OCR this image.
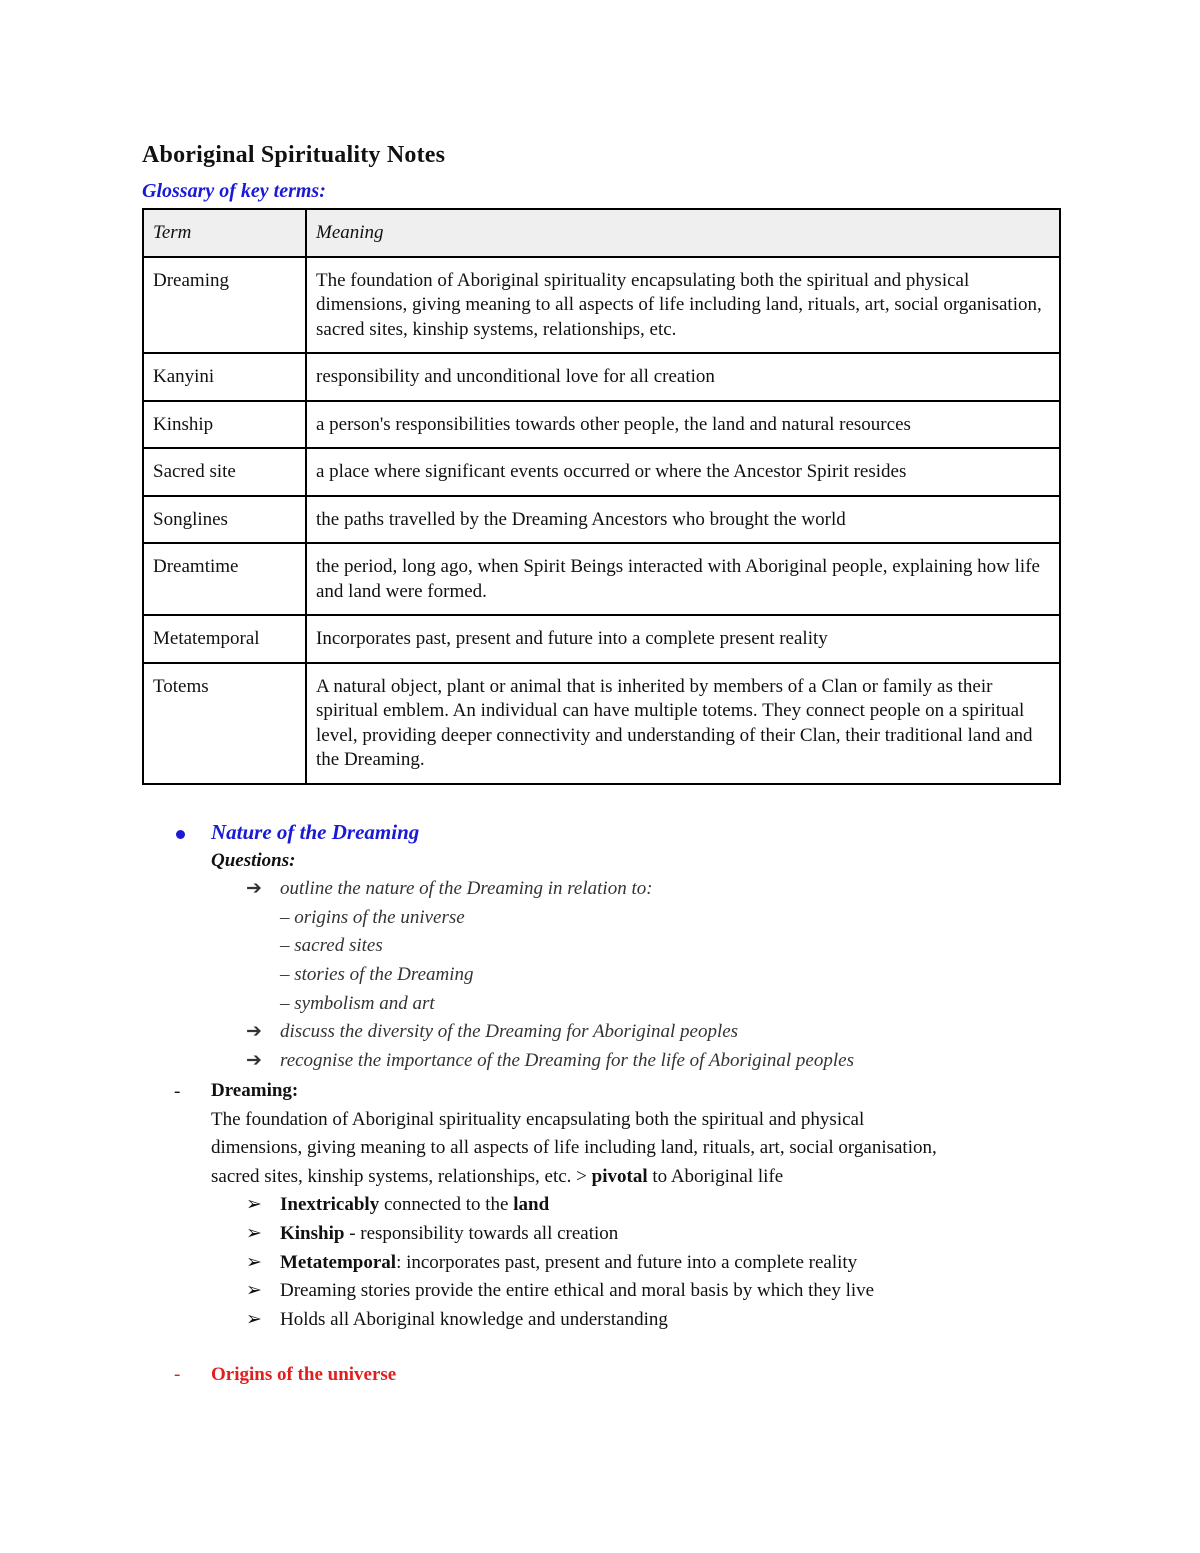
Aboriginal Spirituality Notes
Glossary of key terms:
Term	Meaning
Dreaming	The foundation of Aboriginal spirituality encapsulating both the spiritual and physical dimensions, giving meaning to all aspects of life including land, rituals, art, social organisation, sacred sites, kinship systems, relationships, etc.
Kanyini	responsibility and unconditional love for all creation
Kinship	a person's responsibilities towards other people, the land and natural resources
Sacred site	a place where significant events occurred or where the Ancestor Spirit resides
Songlines	the paths travelled by the Dreaming Ancestors who brought the world
Dreamtime	the period, long ago, when Spirit Beings interacted with Aboriginal people, explaining how life and land were formed.
Metatemporal	Incorporates past, present and future into a complete present reality
Totems	A natural object, plant or animal that is inherited by members of a Clan or family as their spiritual emblem. An individual can have multiple totems. They connect people on a spiritual level, providing deeper connectivity and understanding of their Clan, their traditional land and the Dreaming.
Nature of the Dreaming
Questions:
➔ outline the nature of the Dreaming in relation to:
– origins of the universe
– sacred sites
– stories of the Dreaming
– symbolism and art
➔ discuss the diversity of the Dreaming for Aboriginal peoples
➔ recognise the importance of the Dreaming for the life of Aboriginal peoples
- Dreaming:
The foundation of Aboriginal spirituality encapsulating both the spiritual and physical
dimensions, giving meaning to all aspects of life including land, rituals, art, social organisation,
sacred sites, kinship systems, relationships, etc. > pivotal to Aboriginal life
➢ Inextricably connected to the land
➢ Kinship - responsibility towards all creation
➢ Metatemporal: incorporates past, present and future into a complete reality
➢ Dreaming stories provide the entire ethical and moral basis by which they live
➢ Holds all Aboriginal knowledge and understanding
- Origins of the universe
